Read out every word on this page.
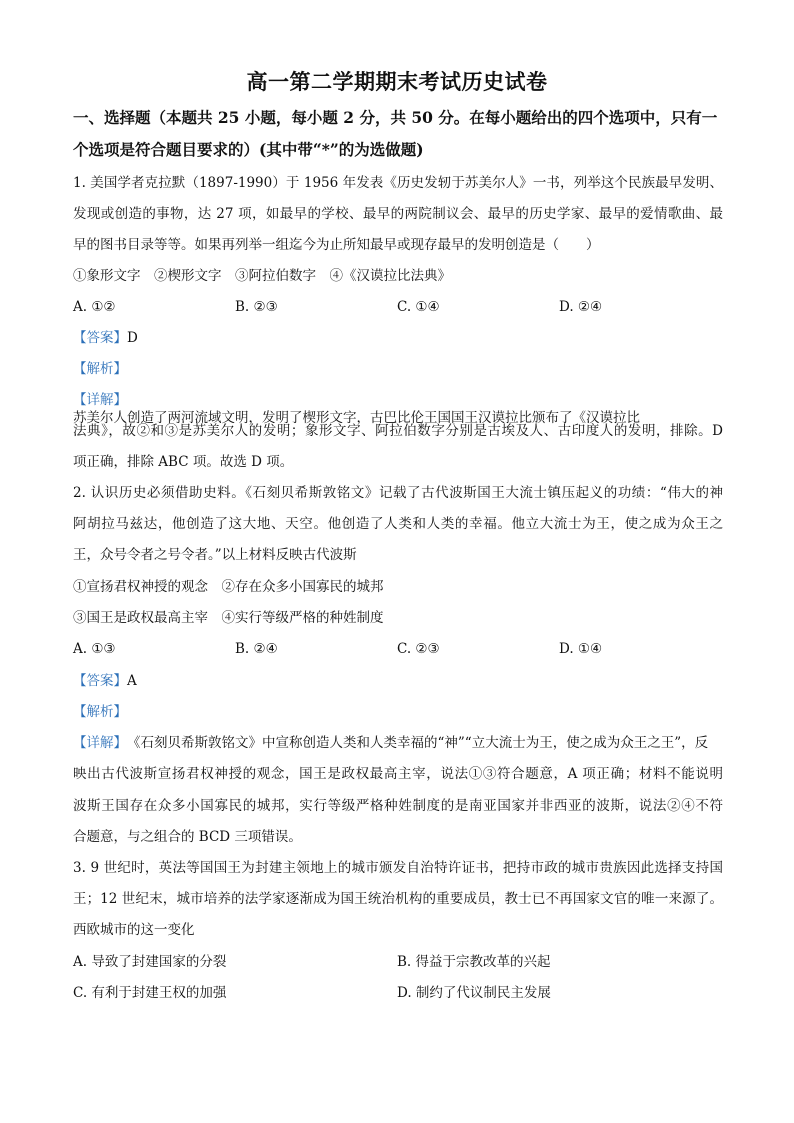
高一第二学期期末考试历史试卷
一、选择题（本题共 25 小题，每小题 2 分，共 50 分。在每小题给出的四个选项中，只有一
个选项是符合题目要求的）(其中带“*”的为选做题)
1. 美国学者克拉默（1897-1990）于 1956 年发表《历史发轫于苏美尔人》一书，列举这个民族最早发明、
发现或创造的事物，达 27 项，如最早的学校、最早的两院制议会、最早的历史学家、最早的爱情歌曲、最
早的图书目录等等。如果再列举一组迄今为止所知最早或现存最早的发明创造是（　　）
①象形文字　②楔形文字　③阿拉伯数字　④《汉谟拉比法典》
A. ①②	B. ②③	C. ①④	D. ②④
【答案】D
【解析】
【详解】
苏美尔人创造了两河流域文明，发明了楔形文字，古巴比伦王国国王汉谟拉比颁布了《汉谟拉比
法典》，故②和③是苏美尔人的发明；象形文字、阿拉伯数字分别是古埃及人、古印度人的发明，排除。D
项正确，排除 ABC 项。故选 D 项。
2. 认识历史必须借助史料。《石刻贝希斯敦铭文》记载了古代波斯国王大流士镇压起义的功绩：“伟大的神
阿胡拉马兹达，他创造了这大地、天空。他创造了人类和人类的幸福。他立大流士为王，使之成为众王之
王，众号令者之号令者。”以上材料反映古代波斯
①宣扬君权神授的观念　②存在众多小国寡民的城邦
③国王是政权最高主宰　④实行等级严格的种姓制度
A. ①③	B. ②④	C. ②③	D. ①④
【答案】A
【解析】
【详解】《石刻贝希斯敦铭文》中宣称创造人类和人类幸福的“神”“立大流士为王，使之成为众王之王”，反
映出古代波斯宣扬君权神授的观念，国王是政权最高主宰，说法①③符合题意，A 项正确；材料不能说明
波斯王国存在众多小国寡民的城邦，实行等级严格种姓制度的是南亚国家并非西亚的波斯，说法②④不符
合题意，与之组合的 BCD 三项错误。
3. 9 世纪时，英法等国国王为封建主领地上的城市颁发自治特许证书，把持市政的城市贵族因此选择支持国
王；12 世纪末，城市培养的法学家逐渐成为国王统治机构的重要成员，教士已不再国家文官的唯一来源了。
西欧城市的这一变化
A. 导致了封建国家的分裂	B. 得益于宗教改革的兴起
C. 有利于封建王权的加强	D. 制约了代议制民主发展
